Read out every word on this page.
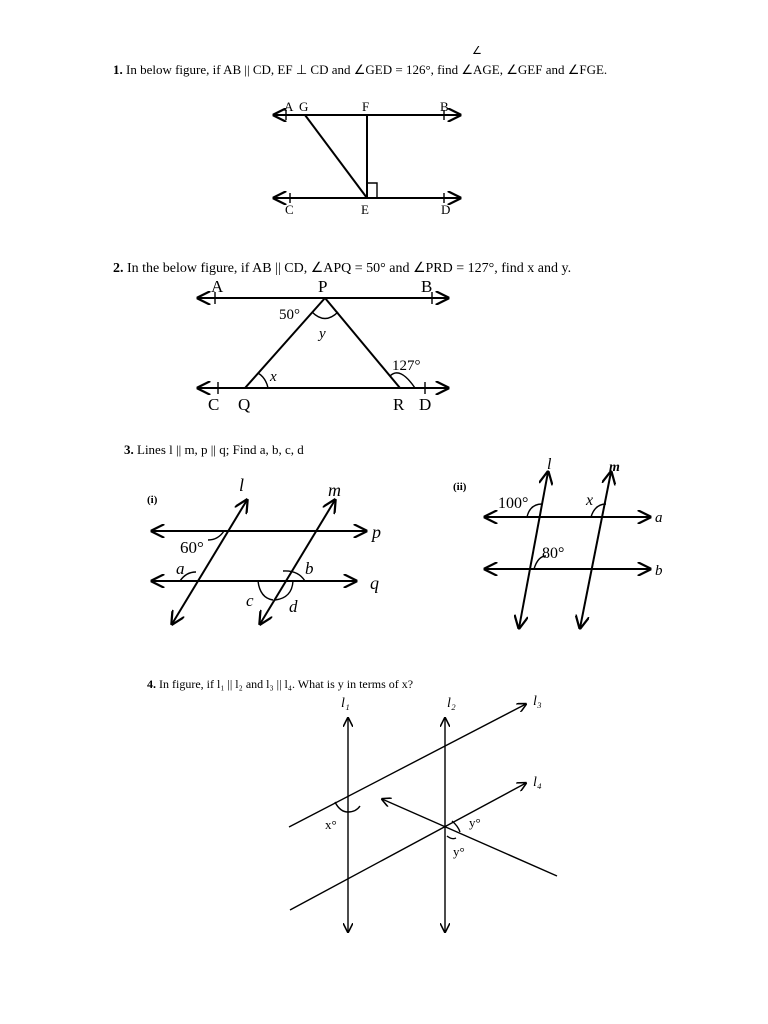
∠
1. In below figure, if AB || CD, EF ⊥ CD and ∠GED = 126°, find ∠AGE, ∠GEF and ∠FGE.
A G	F	B
C	E	D
2. In the below figure, if AB || CD, ∠APQ = 50° and ∠PRD = 127°, find x and y.
A	P	B
C Q	R D
50°
y
x
127°
3. Lines l || m, p || q; Find a, b, c, d
(i)
l	m
p
q
60°
a	b
c d
(ii)
l	m
a
b
100°	x
80°
4. In figure, if l₁ || l₂ and l₃ || l₄. What is y in terms of x?
l₁	l₂	l₃
l₄
x°	y°
y°
